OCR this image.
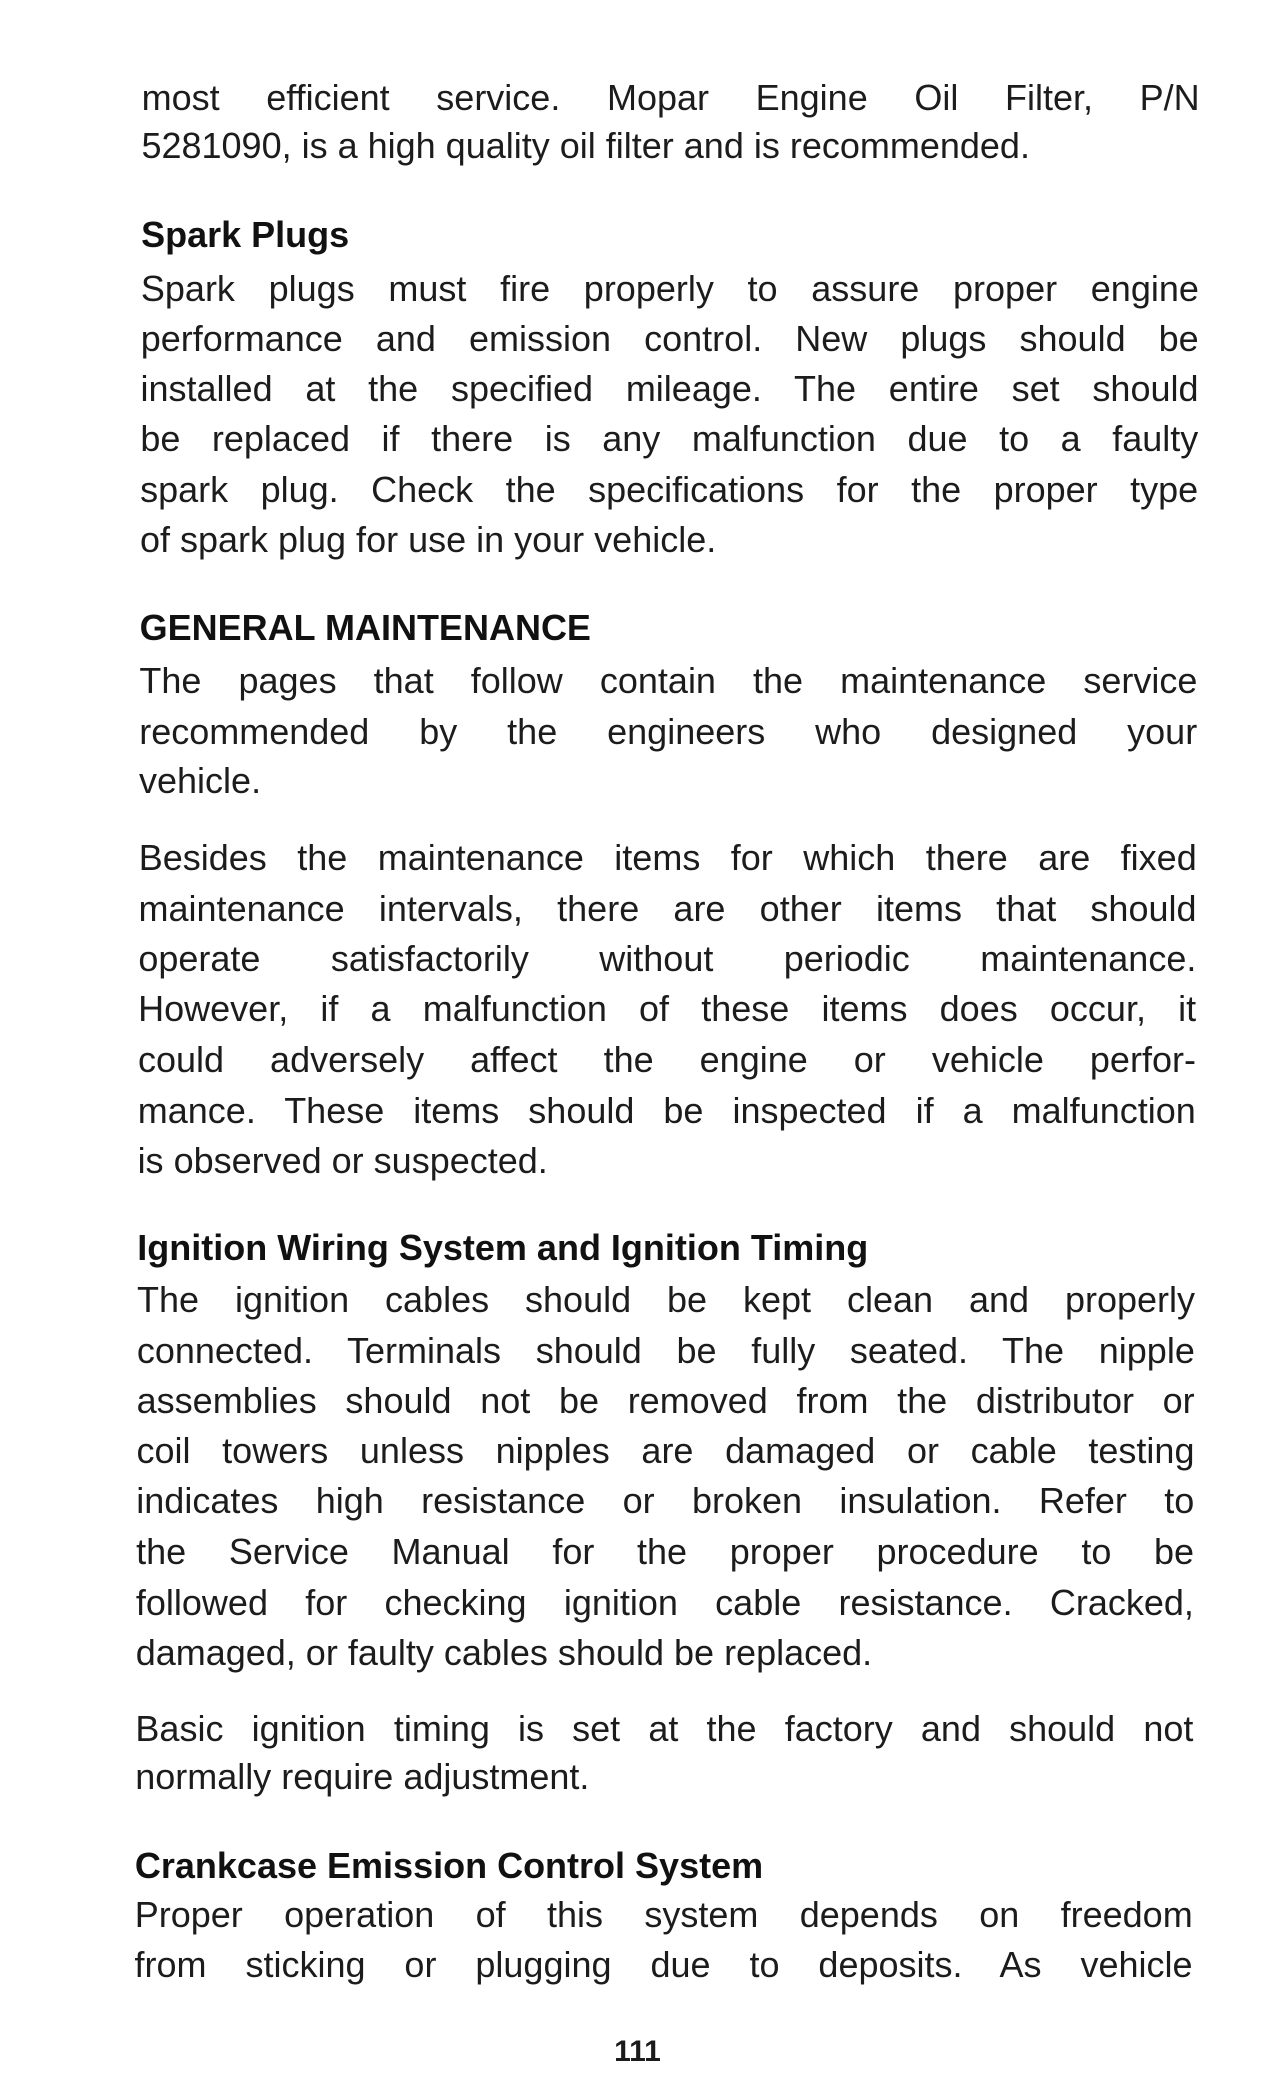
most efficient service. Mopar Engine Oil Filter, P/N
5281090, is a high quality oil filter and is recommended.
Spark Plugs
Spark plugs must fire properly to assure proper engine
performance and emission control. New plugs should be
installed at the specified mileage. The entire set should
be replaced if there is any malfunction due to a faulty
spark plug. Check the specifications for the proper type
of spark plug for use in your vehicle.
GENERAL MAINTENANCE
The pages that follow contain the maintenance service
recommended by the engineers who designed your
vehicle.
Besides the maintenance items for which there are fixed
maintenance intervals, there are other items that should
operate satisfactorily without periodic maintenance.
However, if a malfunction of these items does occur, it
could adversely affect the engine or vehicle perfor-
mance. These items should be inspected if a malfunction
is observed or suspected.
Ignition Wiring System and Ignition Timing
The ignition cables should be kept clean and properly
connected. Terminals should be fully seated. The nipple
assemblies should not be removed from the distributor or
coil towers unless nipples are damaged or cable testing
indicates high resistance or broken insulation. Refer to
the Service Manual for the proper procedure to be
followed for checking ignition cable resistance. Cracked,
damaged, or faulty cables should be replaced.
Basic ignition timing is set at the factory and should not
normally require adjustment.
Crankcase Emission Control System
Proper operation of this system depends on freedom
from sticking or plugging due to deposits. As vehicle
111
